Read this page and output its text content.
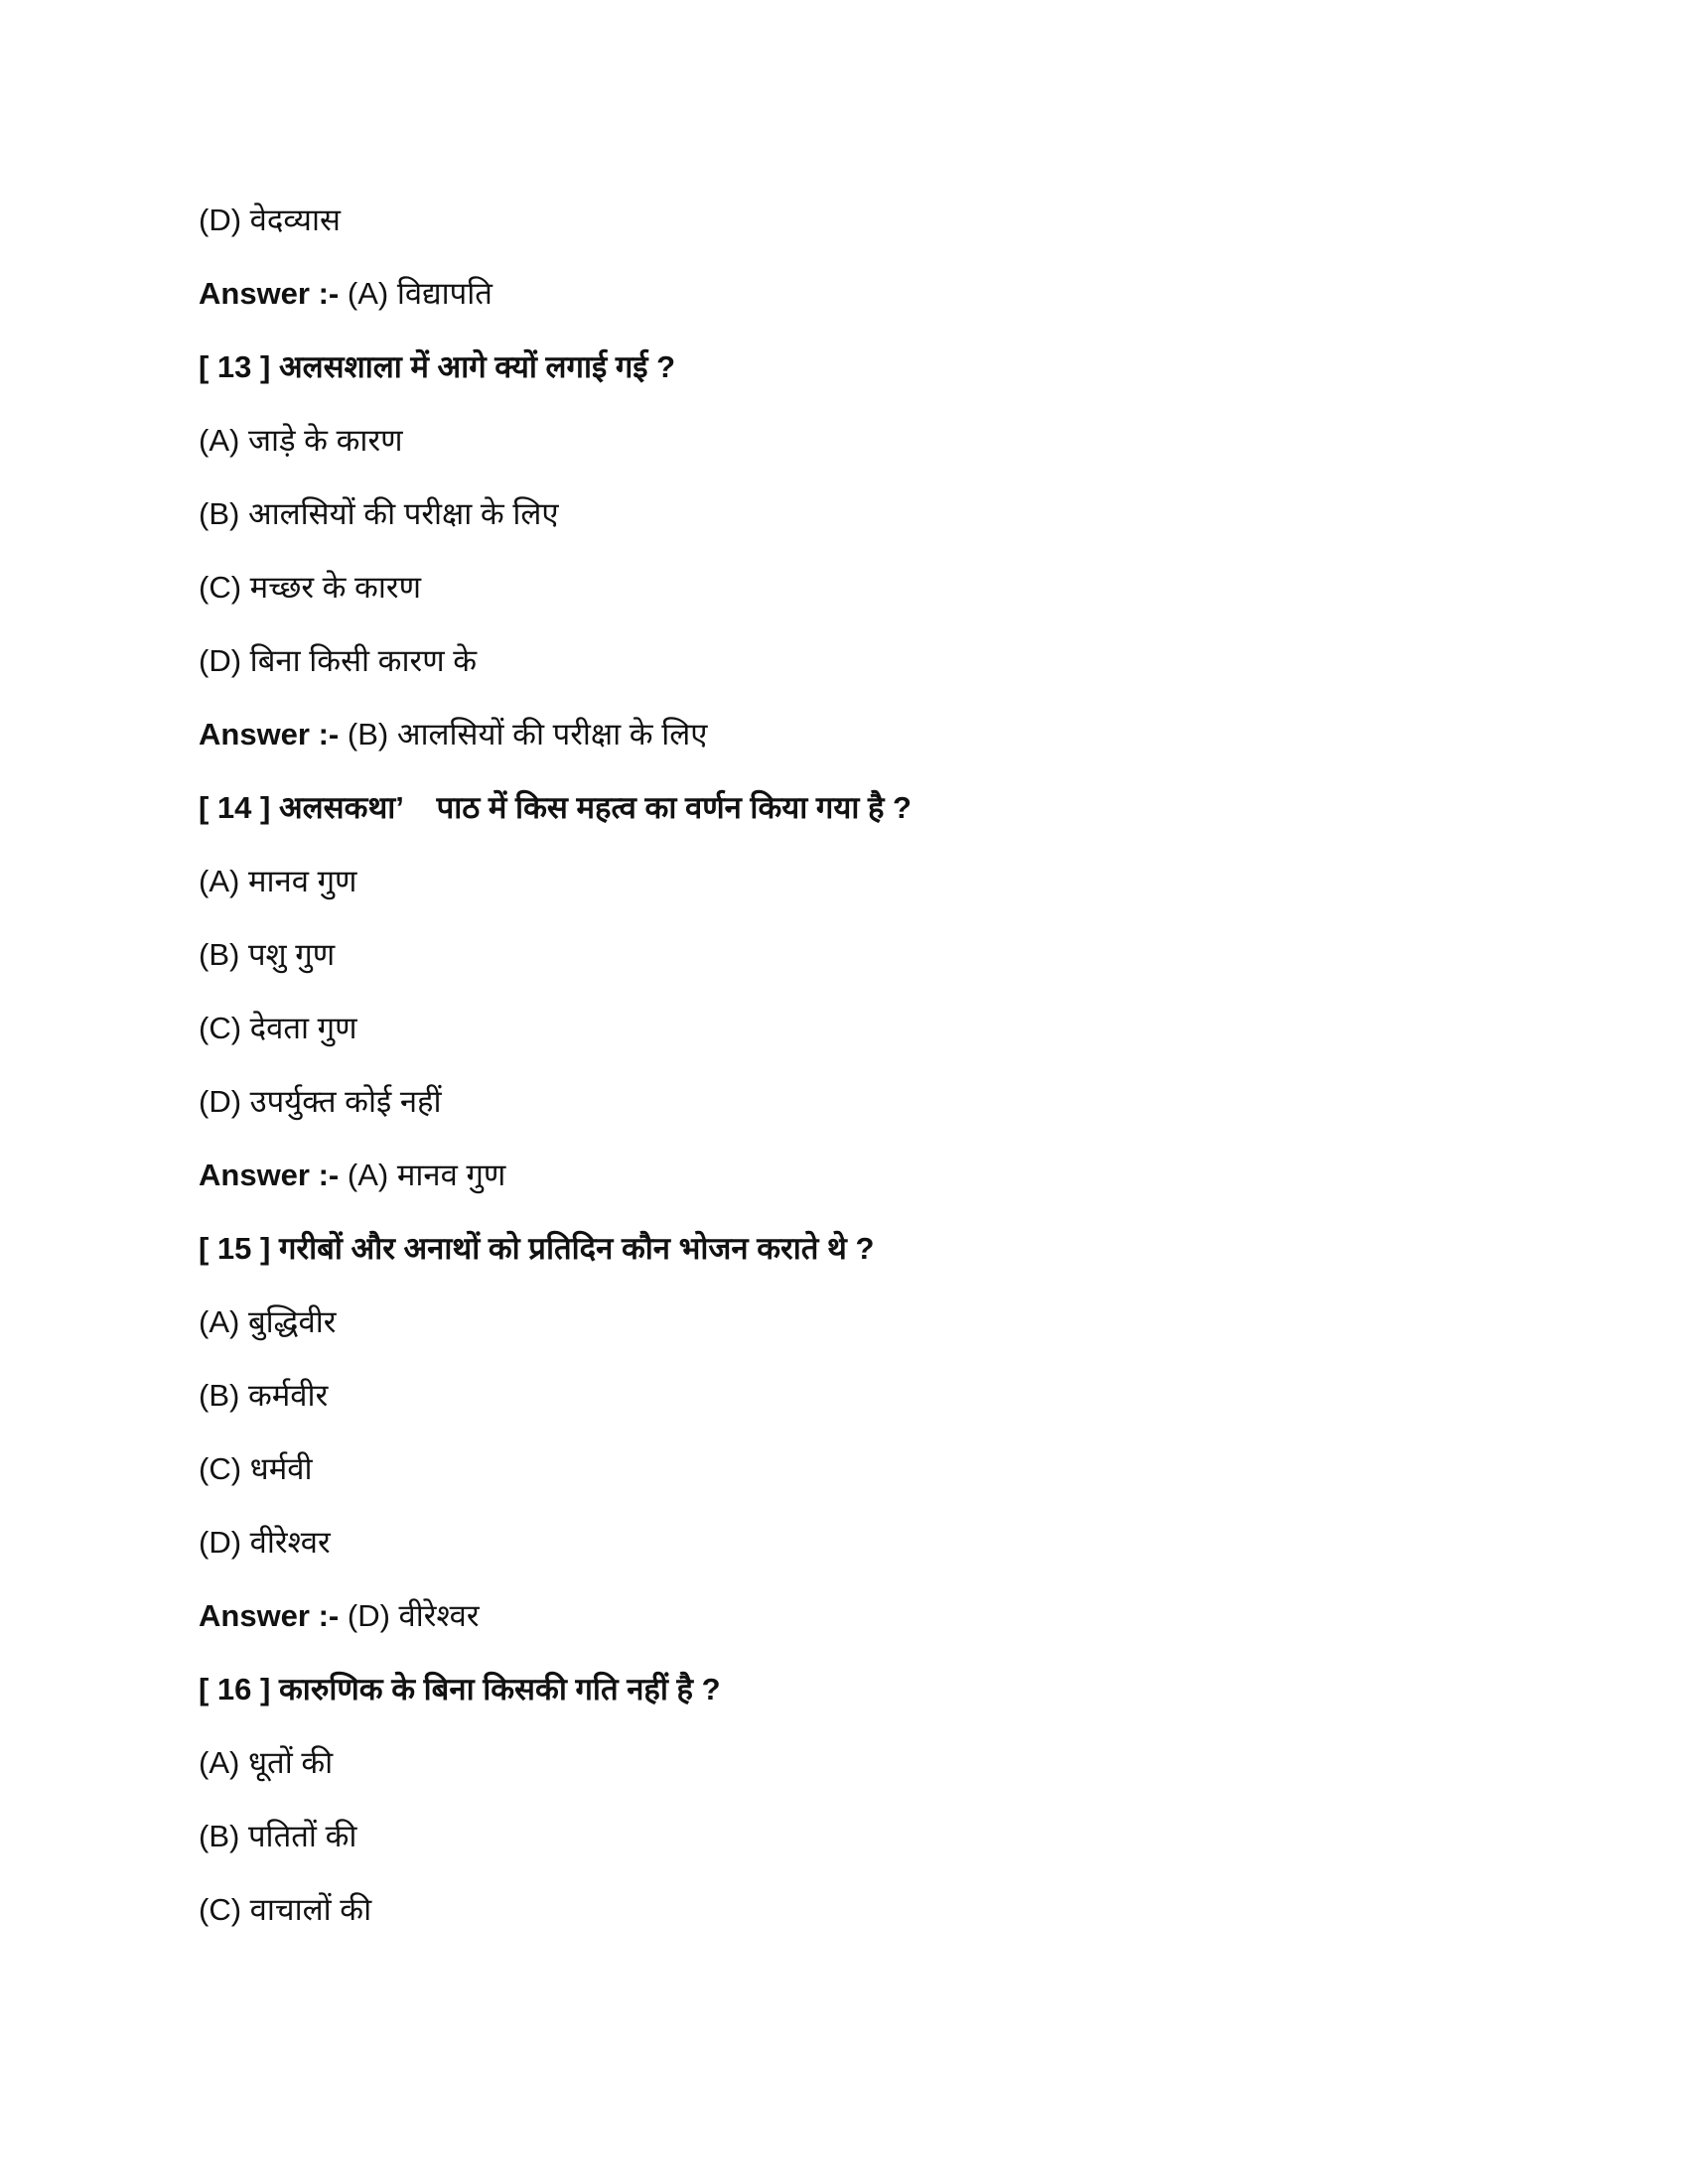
(D) वेदव्यास
Answer :- (A) विद्यापति
[ 13 ] अलसशाला में आगे क्यों लगाई गई ?
(A) जाड़े के कारण
(B) आलसियों की परीक्षा के लिए
(C) मच्छर के कारण
(D) बिना किसी कारण के
Answer :- (B) आलसियों की परीक्षा के लिए
[ 14 ] अलसकथा’    पाठ में किस महत्व का वर्णन किया गया है ?
(A) मानव गुण
(B) पशु गुण
(C) देवता गुण
(D) उपर्युक्त कोई नहीं
Answer :- (A) मानव गुण
[ 15 ] गरीबों और अनाथों को प्रतिदिन कौन भोजन कराते थे ?
(A) बुद्धिवीर
(B) कर्मवीर
(C) धर्मवी
(D) वीरेश्वर
Answer :- (D) वीरेश्वर
[ 16 ] कारुणिक के बिना किसकी गति नहीं है ?
(A) धूतों की
(B) पतितों की
(C) वाचालों की
